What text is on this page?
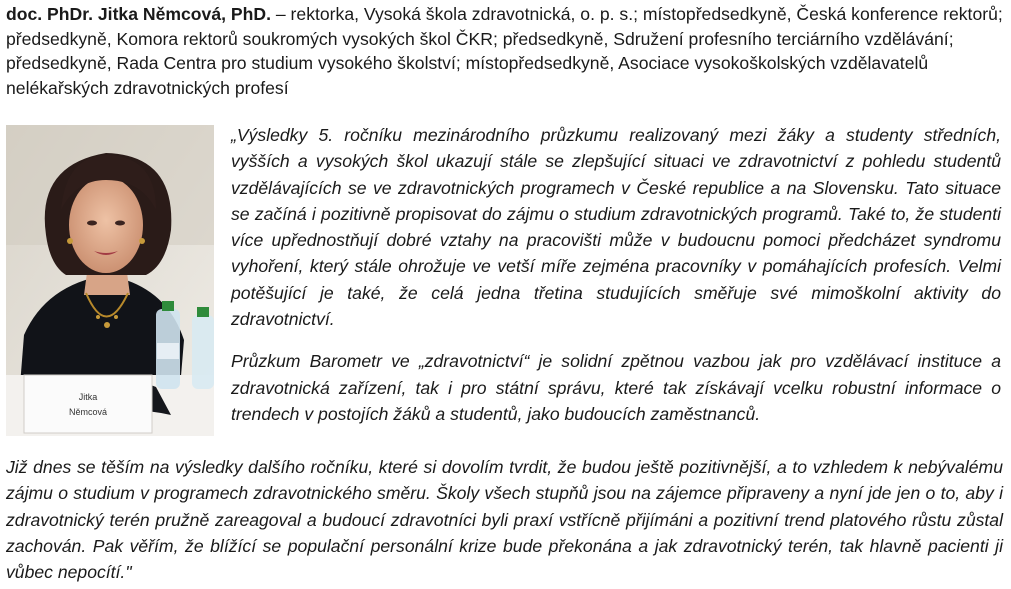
doc. PhDr. Jitka Němcová, PhD. – rektorka, Vysoká škola zdravotnická, o. p. s.; místopředsedkyně, Česká konference rektorů; předsedkyně, Komora rektorů soukromých vysokých škol ČKR; předsedkyně, Sdružení profesního terciárního vzdělávání; předsedkyně, Rada Centra pro studium vysokého školství; místopředsedkyně, Asociace vysokoškolských vzdělavatelů nelékařských zdravotnických profesí

Jitka
Němcová

„Výsledky 5. ročníku mezinárodního průzkumu realizovaný mezi žáky a studenty středních, vyšších a vysokých škol ukazují stále se zlepšující situaci ve zdravotnictví z pohledu studentů vzdělávajících se ve zdravotnických programech v České republice a na Slovensku. Tato situace se začíná i pozitivně propisovat do zájmu o studium zdravotnických programů. Také to, že studenti více upřednostňují dobré vztahy na pracovišti může v budoucnu pomoci předcházet syndromu vyhoření, který stále ohrožuje ve vetší míře zejména pracovníky v pomáhajících profesích. Velmi potěšující je také, že celá jedna třetina studujících směřuje své mimoškolní aktivity do zdravotnictví.

Průzkum Barometr ve „zdravotnictví“ je solidní zpětnou vazbou jak pro vzdělávací instituce a zdravotnická zařízení, tak i pro státní správu, které tak získávají vcelku robustní informace o trendech v postojích žáků a studentů, jako budoucích zaměstnanců.

Již dnes se těším na výsledky dalšího ročníku, které si dovolím tvrdit, že budou ještě pozitivnější, a to vzhledem k nebývalému zájmu o studium v programech zdravotnického směru. Školy všech stupňů jsou na zájemce připraveny a nyní jde jen o to, aby i zdravotnický terén pružně zareagoval a budoucí zdravotníci byli praxí vstřícně přijímáni a pozitivní trend platového růstu zůstal zachován. Pak věřím, že blížící se populační personální krize bude překonána a jak zdravotnický terén, tak hlavně pacienti ji vůbec nepocítí."
